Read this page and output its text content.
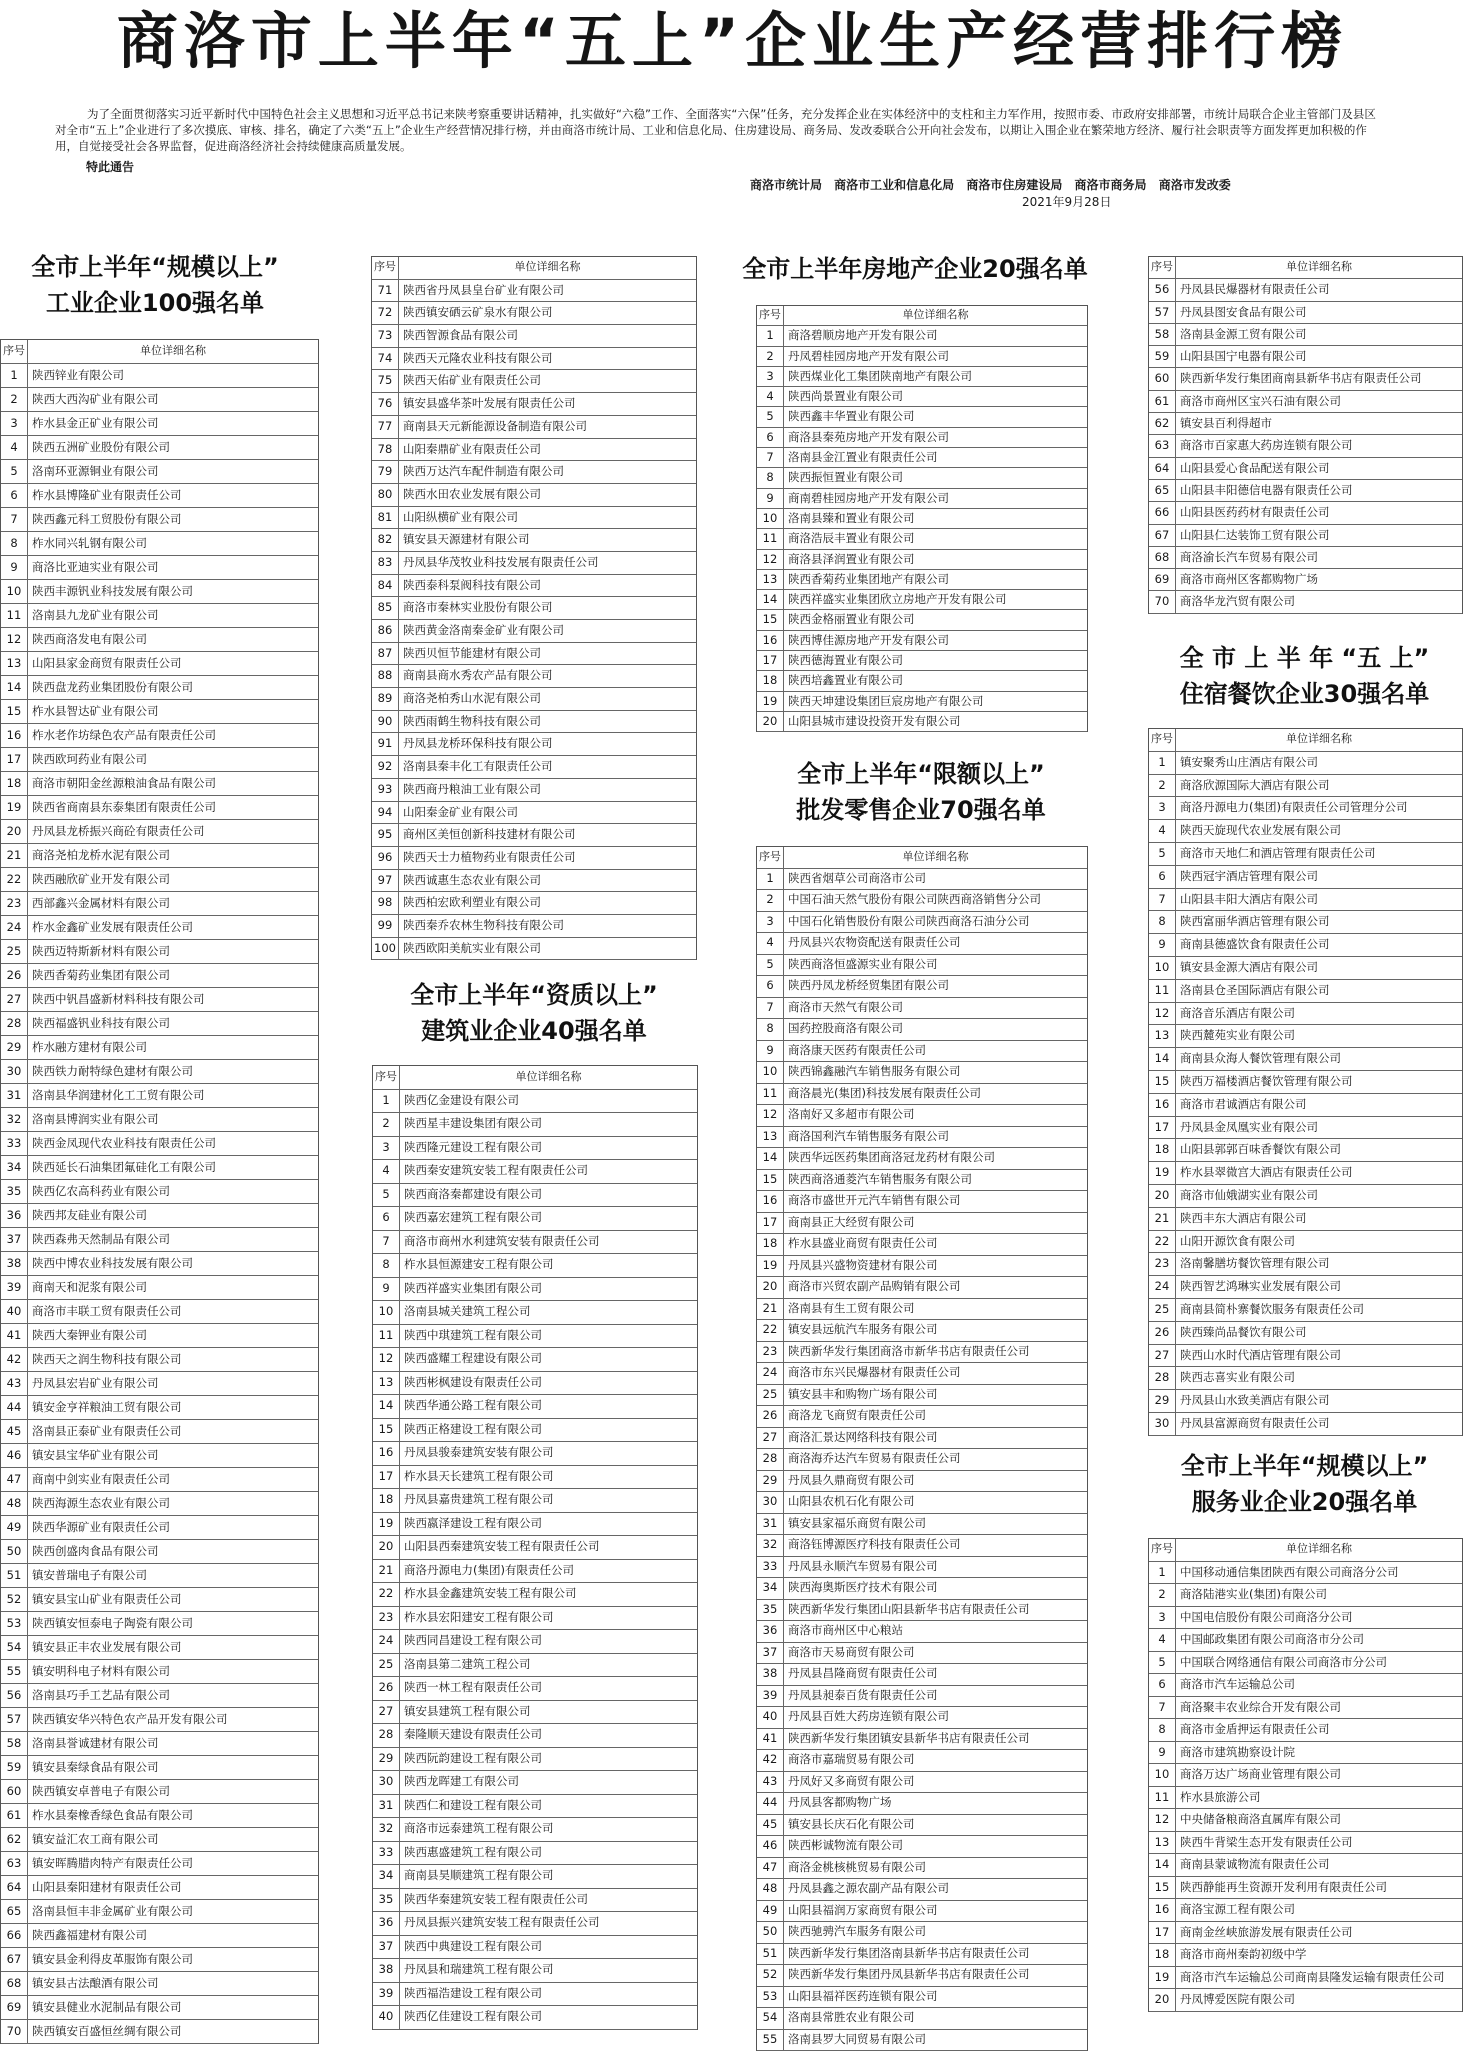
商洛市上半年“五上”企业生产经营排行榜
为了全面贯彻落实习近平新时代中国特色社会主义思想和习近平总书记来陕考察重要讲话精神，扎实做好“六稳”工作、全面落实“六保”任务，充分发挥企业在实体经济中的支柱和主力军作用，按照市委、市政府安排部署，市统计局联合企业主管部门及县区对全市“五上”企业进行了多次摸底、审核、排名，确定了六类“五上”企业生产经营情况排行榜，并由商洛市统计局、工业和信息化局、住房建设局、商务局、发改委联合公开向社会发布，以期让入围企业在繁荣地方经济、履行社会职责等方面发挥更加积极的作用，自觉接受社会各界监督，促进商洛经济社会持续健康高质量发展。
特此通告
商洛市统计局 商洛市工业和信息化局 商洛市住房建设局 商洛市商务局 商洛市发改委
2021年9月28日
全市上半年“规模以上”
工业企业100强名单
序号	单位详细名称
1	陕西锌业有限公司
2	陕西大西沟矿业有限公司
3	柞水县金正矿业有限公司
4	陕西五洲矿业股份有限公司
5	洛南环亚源铜业有限公司
6	柞水县博隆矿业有限责任公司
7	陕西鑫元科工贸股份有限公司
8	柞水同兴轧钢有限公司
9	商洛比亚迪实业有限公司
10 陕西丰源钒业科技发展有限公司
11 洛南县九龙矿业有限公司
12 陕西商洛发电有限公司
13 山阳县家金商贸有限责任公司
14 陕西盘龙药业集团股份有限公司
15 柞水县智达矿业有限公司
16 柞水老作坊绿色农产品有限责任公司
17 陕西欧珂药业有限公司
18 商洛市朝阳金丝源粮油食品有限公司
19 陕西省商南县东泰集团有限责任公司
20 丹凤县龙桥振兴商砼有限责任公司
21 商洛尧柏龙桥水泥有限公司
22 陕西融欣矿业开发有限公司
23 西部鑫兴金属材料有限公司
24 柞水金鑫矿业发展有限责任公司
25 陕西迈特斯新材料有限公司
26 陕西香菊药业集团有限公司
27 陕西中钒昌盛新材料科技有限公司
28 陕西福盛钒业科技有限公司
29 柞水融方建材有限公司
30 陕西铁力耐特绿色建材有限公司
31 洛南县华润建材化工工贸有限公司
32 洛南县博润实业有限公司
33 陕西金凤现代农业科技有限责任公司
34 陕西延长石油集团氟硅化工有限公司
35 陕西亿农高科药业有限公司
36 陕西邦友硅业有限公司
37 陕西森弗天然制品有限公司
38 陕西中博农业科技发展有限公司
39 商南天和泥浆有限公司
40 商洛市丰联工贸有限责任公司
41 陕西大秦钾业有限公司
42 陕西天之润生物科技有限公司
43 丹凤县宏岩矿业有限公司
44 镇安金亨祥粮油工贸有限公司
45 洛南县正泰矿业有限责任公司
46 镇安县宝华矿业有限公司
47 商南中剑实业有限责任公司
48 陕西海源生态农业有限公司
49 陕西华源矿业有限责任公司
50 陕西创盛肉食品有限公司
51 镇安普瑞电子有限公司
52 镇安县宝山矿业有限责任公司
53 陕西镇安恒泰电子陶瓷有限公司
54 镇安县正丰农业发展有限公司
55 镇安明科电子材料有限公司
56 洛南县巧手工艺品有限公司
57 陕西镇安华兴特色农产品开发有限公司
58 洛南县誉诚建材有限公司
59 镇安县秦绿食品有限公司
60 陕西镇安卓普电子有限公司
61 柞水县秦橡香绿色食品有限公司
62 镇安益汇农工商有限公司
63 镇安晖腾腊肉特产有限责任公司
64 山阳县秦阳建材有限责任公司
65 洛南县恒丰非金属矿业有限公司
66 陕西鑫福建材有限公司
67 镇安县金利得皮革服饰有限公司
68 镇安县古法酿酒有限公司
69 镇安县健业水泥制品有限公司
70 陕西镇安百盛恒丝绸有限公司
序号	单位详细名称
71 陕西省丹凤县皇台矿业有限公司
72 陕西镇安硒云矿泉水有限公司
73 陕西智源食品有限公司
74 陕西天元隆农业科技有限公司
75 陕西天佑矿业有限责任公司
76 镇安县盛华茶叶发展有限责任公司
77 商南县天元新能源设备制造有限公司
78 山阳秦鼎矿业有限责任公司
79 陕西万达汽车配件制造有限公司
80 陕西水田农业发展有限公司
81 山阳纵横矿业有限公司
82 镇安县天源建材有限公司
83 丹凤县华茂牧业科技发展有限责任公司
84 陕西泰科泵阀科技有限公司
85 商洛市秦林实业股份有限公司
86 陕西黄金洛南秦金矿业有限公司
87 陕西贝恒节能建材有限公司
88 商南县商水秀农产品有限公司
89 商洛尧柏秀山水泥有限公司
90 陕西雨鹤生物科技有限公司
91 丹凤县龙桥环保科技有限公司
92 洛南县秦丰化工有限责任公司
93 陕西商丹粮油工业有限公司
94 山阳秦金矿业有限公司
95 商州区美恒创新科技建材有限公司
96 陕西天士力植物药业有限责任公司
97 陕西诚惠生态农业有限公司
98 陕西柏宏欧利塑业有限公司
99 陕西秦乔农林生物科技有限公司
100 陕西欧阳美航实业有限公司
全市上半年“资质以上”
建筑业企业40强名单
序号	单位详细名称
1	陕西亿金建设有限公司
2	陕西星丰建设集团有限公司
3	陕西隆元建设工程有限公司
4	陕西秦安建筑安装工程有限责任公司
5	陕西商洛秦都建设有限公司
6	陕西嘉宏建筑工程有限公司
7	商洛市商州水利建筑安装有限责任公司
8	柞水县恒源建安工程有限公司
9	陕西祥盛实业集团有限公司
10 洛南县城关建筑工程公司
11 陕西中琪建筑工程有限公司
12 陕西盛耀工程建设有限公司
13 陕西彬枫建设有限责任公司
14 陕西华通公路工程有限公司
15 陕西正格建设工程有限公司
16 丹凤县骏泰建筑安装有限公司
17 柞水县天长建筑工程有限公司
18 丹凤县嘉贵建筑工程有限公司
19 陕西嬴泽建设工程有限公司
20 山阳县西秦建筑安装工程有限责任公司
21 商洛丹源电力(集团)有限责任公司
22 柞水县金鑫建筑安装工程有限公司
23 柞水县宏阳建安工程有限公司
24 陕西同昌建设工程有限公司
25 洛南县第二建筑工程公司
26 陕西一林工程有限责任公司
27 镇安县建筑工程有限公司
28 秦隆顺天建设有限责任公司
29 陕西阮韵建设工程有限公司
30 陕西龙晖建工有限公司
31 陕西仁和建设工程有限公司
32 商洛市远泰建筑工程有限公司
33 陕西惠盛建筑工程有限公司
34 商南县昊顺建筑工程有限公司
35 陕西华秦建筑安装工程有限责任公司
36 丹凤县振兴建筑安装工程有限责任公司
37 陕西中典建设工程有限公司
38 丹凤县和瑞建筑工程有限公司
39 陕西福浩建设工程有限公司
40 陕西亿佳建设工程有限公司
全市上半年房地产企业20强名单
序号	单位详细名称
1	商洛碧顺房地产开发有限公司
2	丹凤碧桂园房地产开发有限公司
3	陕西煤业化工集团陕南地产有限公司
4	陕西尚景置业有限公司
5	陕西鑫丰华置业有限公司
6	商洛县秦苑房地产开发有限公司
7	洛南县金江置业有限责任公司
8	陕西振恒置业有限公司
9	商南碧桂园房地产开发有限公司
10 洛南县臻和置业有限公司
11 商洛浩辰丰置业有限公司
12 商洛县泽润置业有限公司
13 陕西香菊药业集团地产有限公司
14 陕西祥盛实业集团欣立房地产开发有限公司
15 陕西金格丽置业有限公司
16 陕西博佳源房地产开发有限公司
17 陕西德海置业有限公司
18 陕西培鑫置业有限公司
19 陕西天坤建设集团巨宸房地产有限公司
20 山阳县城市建设投资开发有限公司
全市上半年“限额以上”
批发零售企业70强名单
序号	单位详细名称
1	陕西省烟草公司商洛市公司
2	中国石油天然气股份有限公司陕西商洛销售分公司
3	中国石化销售股份有限公司陕西商洛石油分公司
4	丹凤县兴农物资配送有限责任公司
5	陕西商洛恒盛源实业有限公司
6	陕西丹凤龙桥经贸集团有限公司
7	商洛市天然气有限公司
8	国药控股商洛有限公司
9	商洛康天医药有限责任公司
10 陕西锦鑫融汽车销售服务有限公司
11 商洛晨光(集团)科技发展有限责任公司
12 洛南好又多超市有限公司
13 商洛国利汽车销售服务有限公司
14 陕西华远医药集团商洛冠龙药材有限公司
15 陕西商洛通菱汽车销售服务有限公司
16 商洛市盛世开元汽车销售有限公司
17 商南县正大经贸有限公司
18 柞水县盛业商贸有限责任公司
19 丹凤县兴盛物资建材有限公司
20 商洛市兴贸农副产品购销有限公司
21 洛南县有生工贸有限公司
22 镇安县远航汽车服务有限公司
23 陕西新华发行集团商洛市新华书店有限责任公司
24 商洛市东兴民爆器材有限责任公司
25 镇安县丰和购物广场有限公司
26 商洛龙飞商贸有限责任公司
27 商洛汇景达网络科技有限公司
28 商洛海乔达汽车贸易有限责任公司
29 丹凤县久鼎商贸有限公司
30 山阳县农机石化有限公司
31 镇安县家福乐商贸有限公司
32 商洛钰博源医疗科技有限责任公司
33 丹凤县永顺汽车贸易有限公司
34 陕西海奥斯医疗技术有限公司
35 陕西新华发行集团山阳县新华书店有限责任公司
36 商洛市商州区中心粮站
37 商洛市天易商贸有限公司
38 丹凤县昌隆商贸有限责任公司
39 丹凤县昶泰百货有限责任公司
40 丹凤县百姓大药房连锁有限公司
41 陕西新华发行集团镇安县新华书店有限责任公司
42 商洛市嘉瑞贸易有限公司
43 丹凤好又多商贸有限公司
44 丹凤县客都购物广场
45 镇安县长庆石化有限公司
46 陕西彬诚物流有限公司
47 商洛金桃核桃贸易有限公司
48 丹凤县鑫之源农副产品有限公司
49 山阳县福润万家商贸有限公司
50 陕西驰骋汽车服务有限公司
51 陕西新华发行集团洛南县新华书店有限责任公司
52 陕西新华发行集团丹凤县新华书店有限责任公司
53 山阳县福祥医药连锁有限公司
54 洛南县常胜农业有限公司
55 洛南县罗大同贸易有限公司
序号	单位详细名称
56 丹凤县民爆器材有限责任公司
57 丹凤县图安食品有限公司
58 洛南县金源工贸有限公司
59 山阳县国宁电器有限公司
60 陕西新华发行集团商南县新华书店有限责任公司
61 商洛市商州区宝兴石油有限公司
62 镇安县百利得超市
63 商洛市百家惠大药房连锁有限公司
64 山阳县爱心食品配送有限公司
65 山阳县丰阳德信电器有限责任公司
66 山阳县医药药材有限责任公司
67 山阳县仁达装饰工贸有限公司
68 商洛渝长汽车贸易有限公司
69 商洛市商州区客都购物广场
70 商洛华龙汽贸有限公司
全 市 上 半 年 “五 上”
住宿餐饮企业30强名单
序号	单位详细名称
1	镇安聚秀山庄酒店有限公司
2	商洛欣源国际大酒店有限公司
3	商洛丹源电力(集团)有限责任公司管理分公司
4	陕西天旋现代农业发展有限公司
5	商洛市天地仁和酒店管理有限责任公司
6	陕西冠宇酒店管理有限公司
7	山阳县丰阳大酒店有限公司
8	陕西富丽华酒店管理有限公司
9	商南县德盛饮食有限责任公司
10 镇安县金源大酒店有限公司
11 洛南县仓圣国际酒店有限公司
12 商洛音乐酒店有限公司
13 陕西麓苑实业有限公司
14 商南县众海人餐饮管理有限公司
15 陕西万福楼酒店餐饮管理有限公司
16 商洛市君诚酒店有限公司
17 丹凤县金凤凰实业有限公司
18 山阳县郭郭百味香餐饮有限公司
19 柞水县翠微宫大酒店有限责任公司
20 商洛市仙娥湖实业有限公司
21 陕西丰东大酒店有限公司
22 山阳开源饮食有限公司
23 洛南馨膳坊餐饮管理有限公司
24 陕西智艺鸿琳实业发展有限公司
25 商南县简朴寨餐饮服务有限责任公司
26 陕西臻尚品餐饮有限公司
27 陕西山水时代酒店管理有限公司
28 陕西志喜实业有限公司
29 丹凤县山水致美酒店有限公司
30 丹凤县富源商贸有限责任公司
全市上半年“规模以上”
服务业企业20强名单
序号	单位详细名称
1	中国移动通信集团陕西有限公司商洛分公司
2	商洛陆港实业(集团)有限公司
3	中国电信股份有限公司商洛分公司
4	中国邮政集团有限公司商洛市分公司
5	中国联合网络通信有限公司商洛市分公司
6	商洛市汽车运输总公司
7	商洛聚丰农业综合开发有限公司
8	商洛市金盾押运有限责任公司
9	商洛市建筑勘察设计院
10 商洛万达广场商业管理有限公司
11 柞水县旅游公司
12 中央储备粮商洛直属库有限公司
13 陕西牛背梁生态开发有限责任公司
14 商南县蒙诚物流有限责任公司
15 陕西静能再生资源开发利用有限责任公司
16 商洛宝源工程有限公司
17 商南金丝峡旅游发展有限责任公司
18 商洛市商州秦韵初级中学
19 商洛市汽车运输总公司商南县隆发运输有限责任公司
20 丹凤博爱医院有限公司
